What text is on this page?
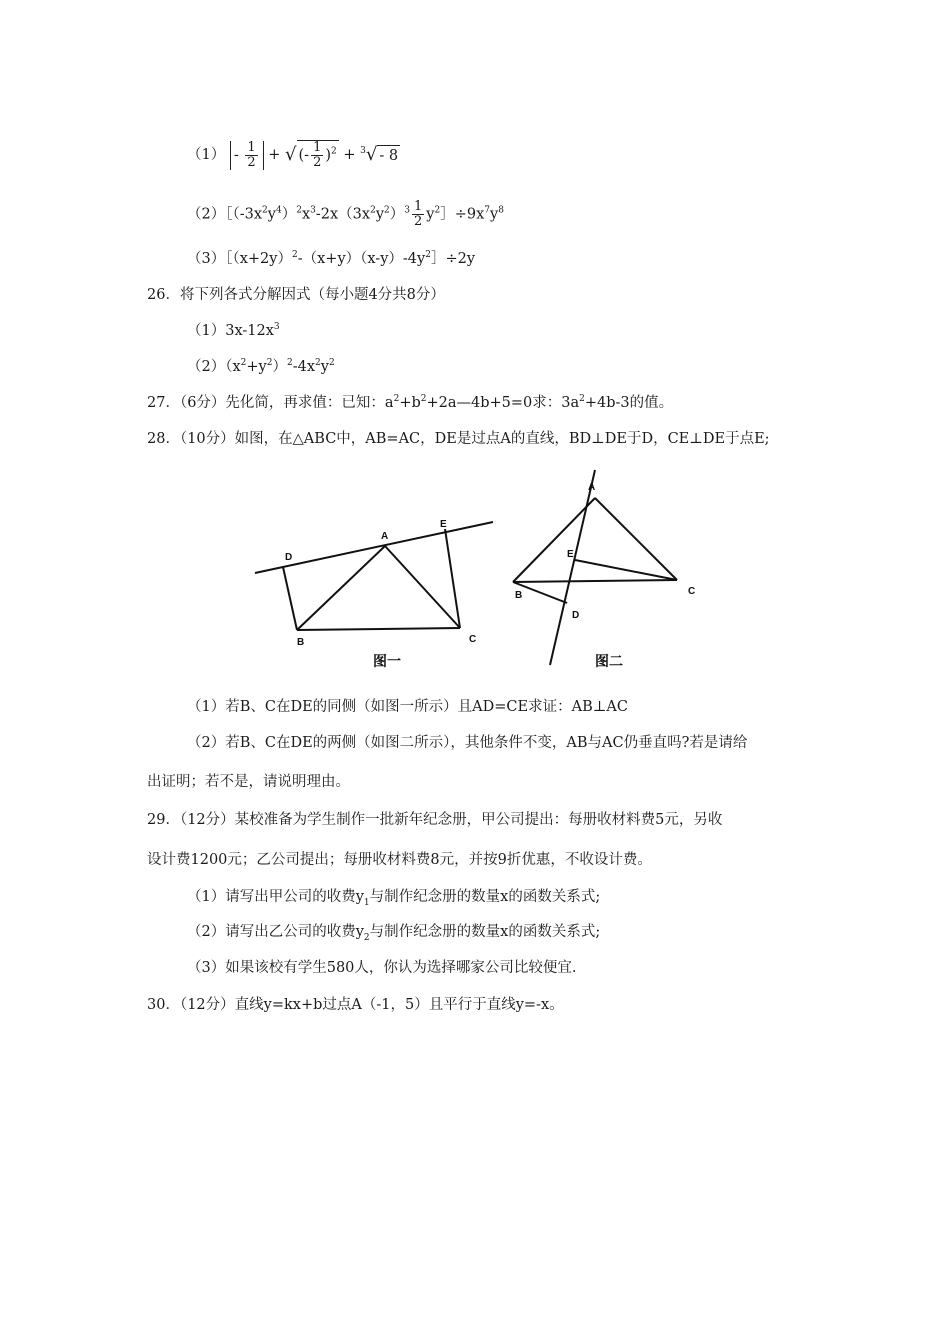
$(1) - \frac{1}{2}$ + √ (- $\frac{1}{2} )^2 + ^3√ - 8$
$(2)[(-3x^2y^4)^2x^3-2x(3x^2y^2)^3 \frac{1}{2}$ $y^2]\div 9x^7y^8$
$(3)[(x+2y)^2-(x+y)(x-y)-4y^2]\div 2y$
26．将下列各式分解因式（每小题4分共8分）
$(1)3x-12x^3$
$(2)(x^2+y^2)^2-4x^2y^2$
27．（6分）先化简，再求值：已知：$a^2+b^2+2a—4b+5=0$求：$3a^2+4b-3$的值。
28．（10分）如图，在△ABC中，AB=AC，DE是过点A的直线，BD⊥DE于D，CE⊥DE于点E;
D
A
E
B	C
A
E
B	C
D
图一	图二
（1）若B、C在DE的同侧（如图一所示）且AD=CE求证：AB⊥AC
（2）若B、C在DE的两侧（如图二所示），其他条件不变，AB与AC仍垂直吗?若是请给
出证明；若不是，请说明理由。
29．（12分）某校准备为学生制作一批新年纪念册，甲公司提出：每册收材料费5元，另收
设计费1200元；乙公司提出；每册收材料费8元，并按9折优惠，不收设计费。
（1）请写出甲公司的收费$y_1$与制作纪念册的数量x的函数关系式;
（2）请写出乙公司的收费$y_2$与制作纪念册的数量x的函数关系式;
（3）如果该校有学生580人，你认为选择哪家公司比较便宜.
30．（12分）直线y=kx+b过点A（-1，5）且平行于直线y=-x。
